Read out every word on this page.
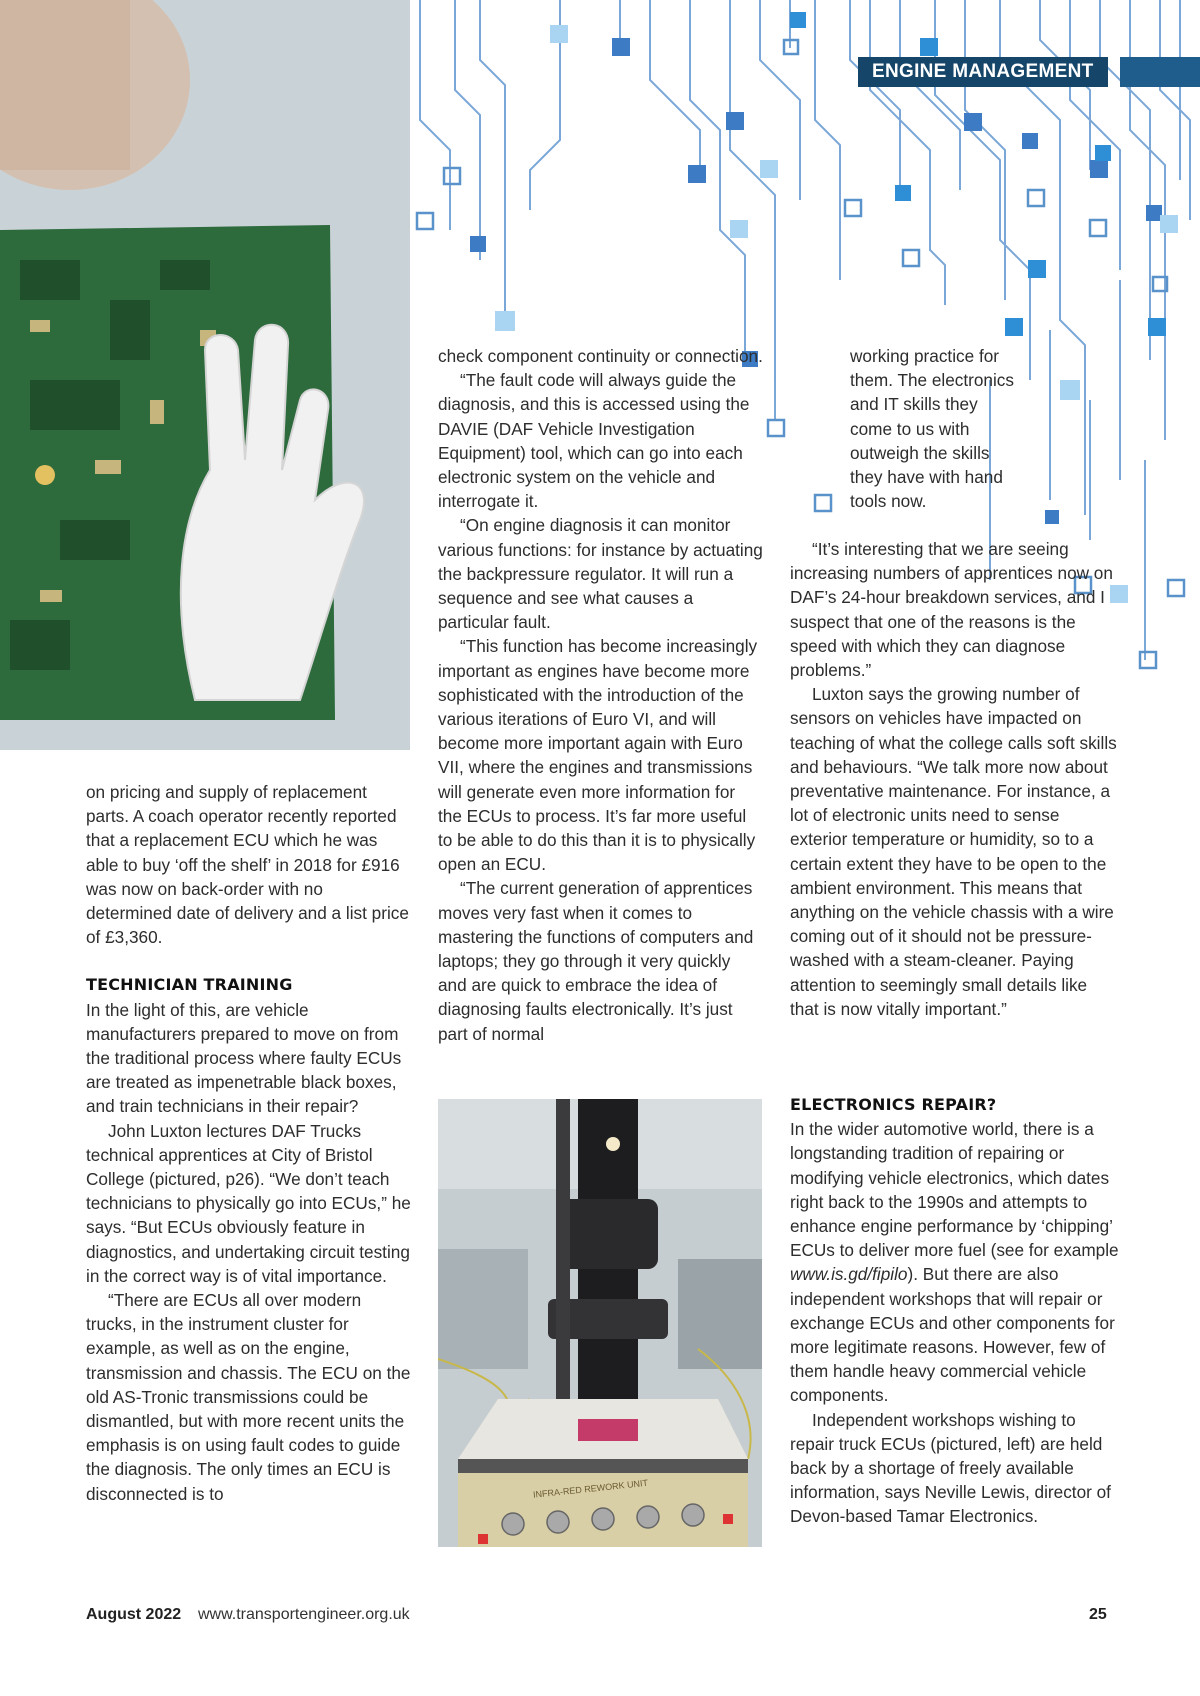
ENGINE MANAGEMENT

on pricing and supply of replacement parts. A coach operator recently reported that a replacement ECU which he was able to buy ‘off the shelf’ in 2018 for £916 was now on back-order with no determined date of delivery and a list price of £3,360.

TECHNICIAN TRAINING

In the light of this, are vehicle manufacturers prepared to move on from the traditional process where faulty ECUs are treated as impenetrable black boxes, and train technicians in their repair?

John Luxton lectures DAF Trucks technical apprentices at City of Bristol College (pictured, p26). “We don’t teach technicians to physically go into ECUs,” he says. “But ECUs obviously feature in diagnostics, and undertaking circuit testing in the correct way is of vital importance.

“There are ECUs all over modern trucks, in the instrument cluster for example, as well as on the engine, transmission and chassis. The ECU on the old AS-Tronic transmissions could be dismantled, but with more recent units the emphasis is on using fault codes to guide the diagnosis. The only times an ECU is disconnected is to

check component continuity or connection.

“The fault code will always guide the diagnosis, and this is accessed using the DAVIE (DAF Vehicle Investigation Equipment) tool, which can go into each electronic system on the vehicle and interrogate it.

“On engine diagnosis it can monitor various functions: for instance by actuating the backpressure regulator. It will run a sequence and see what causes a particular fault.

“This function has become increasingly important as engines have become more sophisticated with the introduction of the various iterations of Euro VI, and will become more important again with Euro VII, where the engines and transmissions will generate even more information for the ECUs to process. It’s far more useful to be able to do this than it is to physically open an ECU.

“The current generation of apprentices moves very fast when it comes to mastering the functions of computers and laptops; they go through it very quickly and are quick to embrace the idea of diagnosing faults electronically. It’s just part of normal

INFRA-RED REWORK UNIT

working practice for them. The electronics and IT skills they come to us with outweigh the skills they have with hand tools now.

“It’s interesting that we are seeing increasing numbers of apprentices now on DAF’s 24-hour breakdown services, and I suspect that one of the reasons is the speed with which they can diagnose problems.”

Luxton says the growing number of sensors on vehicles have impacted on teaching of what the college calls soft skills and behaviours. “We talk more now about preventative maintenance. For instance, a lot of electronic units need to sense exterior temperature or humidity, so to a certain extent they have to be open to the ambient environment. This means that anything on the vehicle chassis with a wire coming out of it should not be pressure-washed with a steam-cleaner. Paying attention to seemingly small details like that is now vitally important.”

ELECTRONICS REPAIR?

In the wider automotive world, there is a longstanding tradition of repairing or modifying vehicle electronics, which dates right back to the 1990s and attempts to enhance engine performance by ‘chipping’ ECUs to deliver more fuel (see for example www.is.gd/fipilo). But there are also independent workshops that will repair or exchange ECUs and other components for more legitimate reasons. However, few of them handle heavy commercial vehicle components.

Independent workshops wishing to repair truck ECUs (pictured, left) are held back by a shortage of freely available information, says Neville Lewis, director of Devon-based Tamar Electronics.

August 2022 www.transportengineer.org.uk	25
